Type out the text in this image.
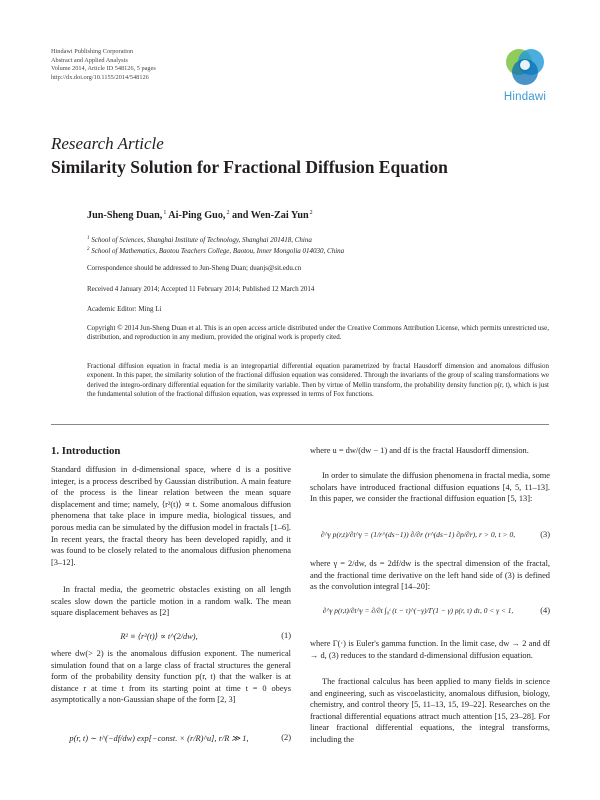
Hindawi Publishing Corporation
Abstract and Applied Analysis
Volume 2014, Article ID 548126, 5 pages
http://dx.doi.org/10.1155/2014/548126
Hindawi
Research Article
Similarity Solution for Fractional Diffusion Equation
Jun-Sheng Duan,$^1$ Ai-Ping Guo,$^2$ and Wen-Zai Yun$^2$
$^1$ School of Sciences, Shanghai Institute of Technology, Shanghai 201418, China
$^2$ School of Mathematics, Baotou Teachers College, Baotou, Inner Mongolia 014030, China
Correspondence should be addressed to Jun-Sheng Duan; duanjs@sit.edu.cn
Received 4 January 2014; Accepted 11 February 2014; Published 12 March 2014
Academic Editor: Ming Li
Copyright © 2014 Jun-Sheng Duan et al. This is an open access article distributed under the Creative Commons Attribution License, which permits unrestricted use, distribution, and reproduction in any medium, provided the original work is properly cited.
Fractional diffusion equation in fractal media is an integropartial differential equation parametrized by fractal Hausdorff dimension and anomalous diffusion exponent. In this paper, the similarity solution of the fractional diffusion equation was considered. Through the invariants of the group of scaling transformations we derived the integro-ordinary differential equation for the similarity variable. Then by virtue of Mellin transform, the probability density function p(r, t), which is just the fundamental solution of the fractional diffusion equation, was expressed in terms of Fox functions.
1. Introduction

Standard diffusion in d-dimensional space, where d is a positive integer, is a process described by Gaussian distribution. A main feature of the process is the linear relation between the mean square displacement and time; namely, ⟨r²(t)⟩ ∝ t. Some anomalous diffusion phenomena that take place in impure media, biological tissues, and porous media can be simulated by the diffusion model in fractals [1–6]. In recent years, the fractal theory has been developed rapidly, and it was found to be closely related to the anomalous diffusion phenomena [3–12].

In fractal media, the geometric obstacles existing on all length scales slow down the particle motion in a random walk. The mean square displacement behaves as [2]

R² ≡ ⟨r²(t)⟩ ∝ t^(2/dw),	(1)

where dw(> 2) is the anomalous diffusion exponent. The numerical simulation found that on a large class of fractal structures the general form of the probability density function p(r, t) that the walker is at distance r at time t from its starting point at time t = 0 obeys asymptotically a non-Gaussian shape of the form [2, 3]

p(r, t) ∼ t^(−df/dw) exp[−const. × (r/R)^u], r/R ≫ 1,	(2)

where u = dw/(dw − 1) and df is the fractal Hausdorff dimension.

In order to simulate the diffusion phenomena in fractal media, some scholars have introduced fractional diffusion equations [4, 5, 11–13]. In this paper, we consider the fractional diffusion equation [5, 13]:

∂^γ p(r,t)/∂t^γ = (1/r^(ds−1)) ∂/∂r (r^(ds−1) ∂p/∂r), r > 0, t > 0,	(3)

where γ = 2/dw, ds = 2df/dw is the spectral dimension of the fractal, and the fractional time derivative on the left hand side of (3) is defined as the convolution integral [14–20]:

∂^γ p(r,t)/∂t^γ = ∂/∂t ∫₀ᵗ (t − τ)^(−γ)/Γ(1 − γ) p(r, τ) dτ, 0 < γ < 1,	(4)

where Γ(·) is Euler's gamma function. In the limit case, dw → 2 and df → d, (3) reduces to the standard d-dimensional diffusion equation.

The fractional calculus has been applied to many fields in science and engineering, such as viscoelasticity, anomalous diffusion, biology, chemistry, and control theory [5, 11–13, 15, 19–22]. Researches on the fractional differential equations attract much attention [15, 23–28]. For linear fractional differential equations, the integral transforms, including the
